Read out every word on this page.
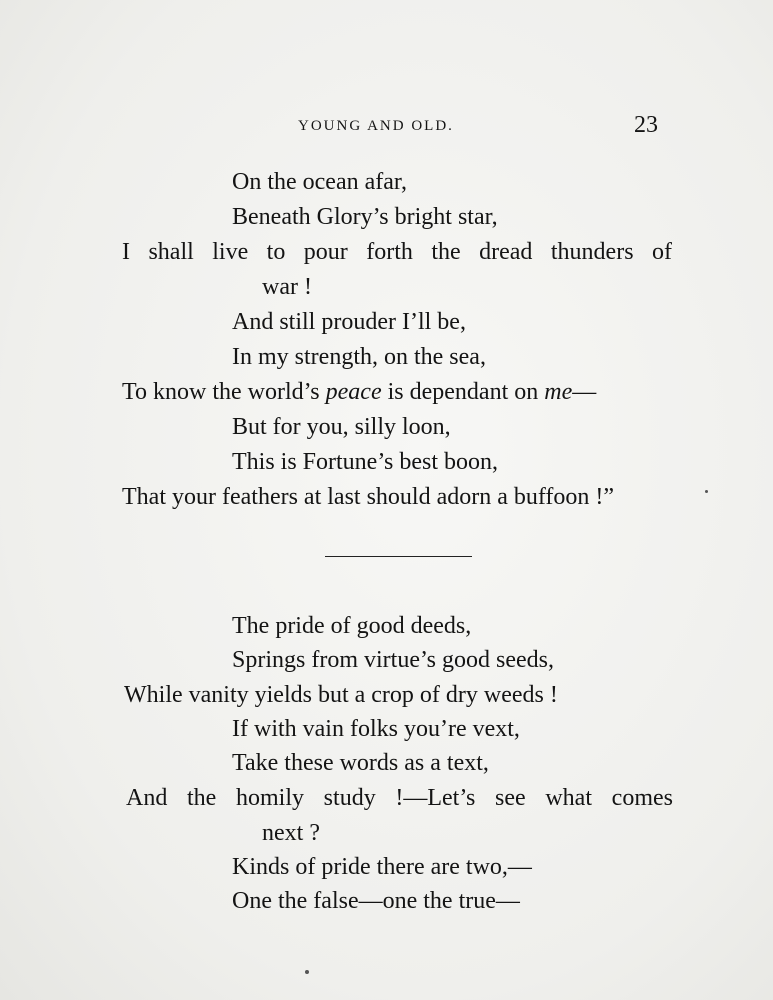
YOUNG AND OLD.	23
On the ocean afar,
Beneath Glory’s bright star,
I shall live to pour forth the dread thunders of
war !
And still prouder I’ll be,
In my strength, on the sea,
To know the world’s peace is dependant on me—
But for you, silly loon,
This is Fortune’s best boon,
That your feathers at last should adorn a buffoon !”
The pride of good deeds,
Springs from virtue’s good seeds,
While vanity yields but a crop of dry weeds !
If with vain folks you’re vext,
Take these words as a text,
And the homily study !—Let’s see what comes
next ?
Kinds of pride there are two,—
One the false—one the true—
